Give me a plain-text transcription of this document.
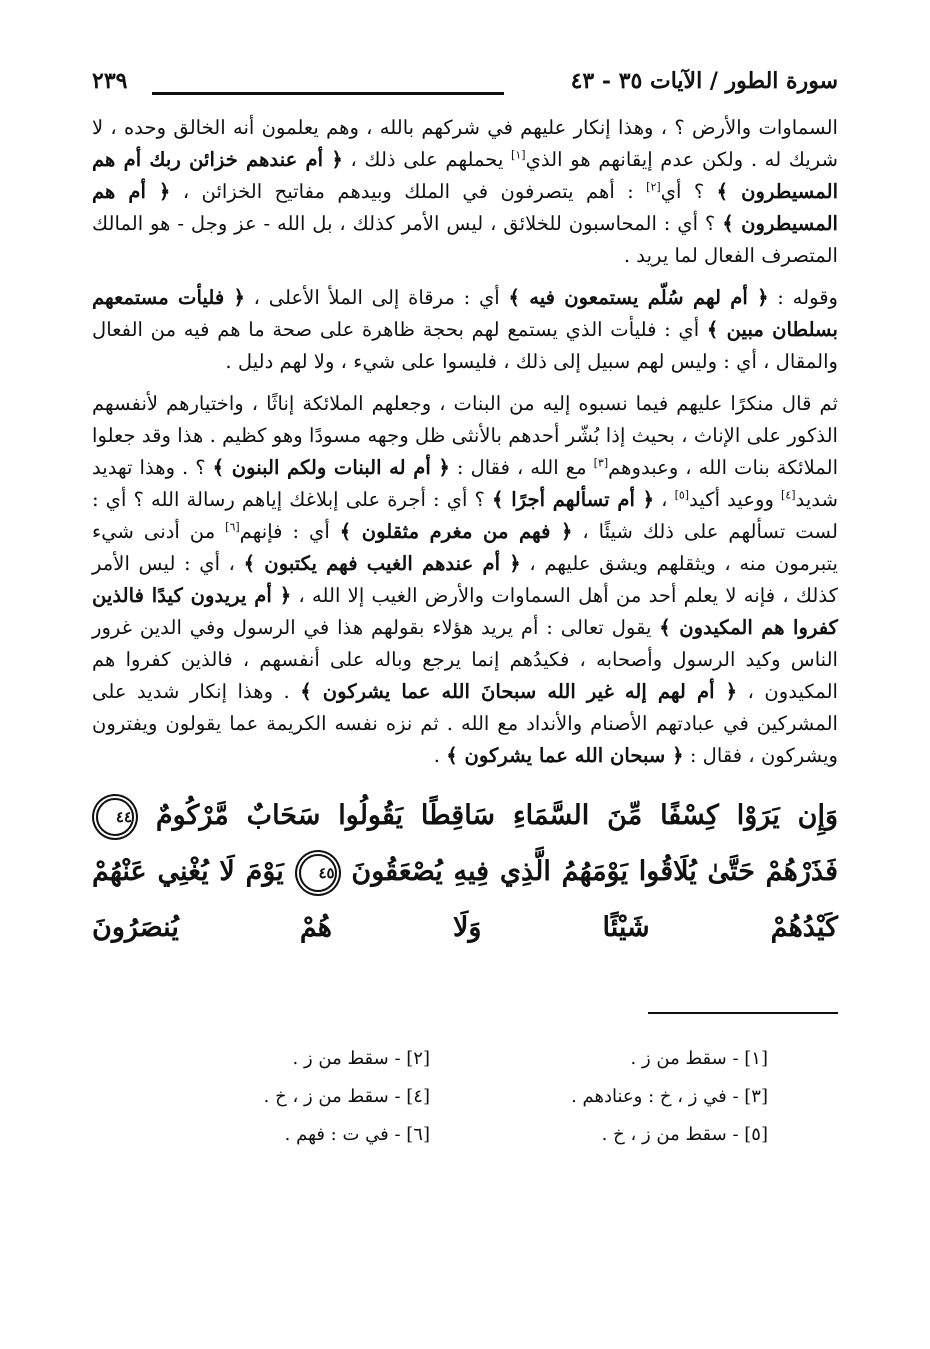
سورة الطور / الآيات ٣٥ - ٤٣
٢٣٩

السماوات والأرض ؟ ، وهذا إنكار عليهم في شركهم بالله ، وهم يعلمون أنه الخالق وحده ، لا شريك له . ولكن عدم إيقانهم هو الذي[١] يحملهم على ذلك ، ﴿ أم عندهم خزائن ربك أم هم المسيطرون ﴾ ؟ أي[٢] : أهم يتصرفون في الملك وبيدهم مفاتيح الخزائن ، ﴿ أم هم المسيطرون ﴾ ؟ أي : المحاسبون للخلائق ، ليس الأمر كذلك ، بل الله - عز وجل - هو المالك المتصرف الفعال لما يريد .

وقوله : ﴿ أم لهم سُلّم يستمعون فيه ﴾ أي : مرقاة إلى الملأ الأعلى ، ﴿ فليأت مستمعهم بسلطان مبين ﴾ أي : فليأت الذي يستمع لهم بحجة ظاهرة على صحة ما هم فيه من الفعال والمقال ، أي : وليس لهم سبيل إلى ذلك ، فليسوا على شيء ، ولا لهم دليل .

ثم قال منكرًا عليهم فيما نسبوه إليه من البنات ، وجعلهم الملائكة إناثًا ، واختيارهم لأنفسهم الذكور على الإناث ، بحيث إذا بُشّر أحدهم بالأنثى ظل وجهه مسودًا وهو كظيم . هذا وقد جعلوا الملائكة بنات الله ، وعبدوهم[٣] مع الله ، فقال : ﴿ أم له البنات ولكم البنون ﴾ ؟ . وهذا تهديد شديد[٤] ووعيد أكيد[٥] ، ﴿ أم تسألهم أجرًا ﴾ ؟ أي : أجرة على إبلاغك إياهم رسالة الله ؟ أي : لست تسألهم على ذلك شيئًا ، ﴿ فهم من مغرم مثقلون ﴾ أي : فإنهم[٦] من أدنى شيء يتبرمون منه ، ويثقلهم ويشق عليهم ، ﴿ أم عندهم الغيب فهم يكتبون ﴾ ، أي : ليس الأمر كذلك ، فإنه لا يعلم أحد من أهل السماوات والأرض الغيب إلا الله ، ﴿ أم يريدون كيدًا فالذين كفروا هم المكيدون ﴾ يقول تعالى : أم يريد هؤلاء بقولهم هذا في الرسول وفي الدين غرور الناس وكيد الرسول وأصحابه ، فكيدُهم إنما يرجع وباله على أنفسهم ، فالذين كفروا هم المكيدون ، ﴿ أم لهم إله غير الله سبحانَ الله عما يشركون ﴾ . وهذا إنكار شديد على المشركين في عبادتهم الأصنام والأنداد مع الله . ثم نزه نفسه الكريمة عما يقولون ويفترون ويشركون ، فقال : ﴿ سبحان الله عما يشركون ﴾ .

وَإِن يَرَوْا كِسْفًا مِّنَ السَّمَاءِ سَاقِطًا يَقُولُوا سَحَابٌ مَّرْكُومٌ ٤٤ فَذَرْهُمْ حَتَّىٰ يُلَاقُوا يَوْمَهُمُ الَّذِي فِيهِ يُصْعَقُونَ ٤٥ يَوْمَ لَا يُغْنِي عَنْهُمْ كَيْدُهُمْ شَيْئًا وَلَا هُمْ يُنصَرُونَ
[١] - سقط من ز .
[٢] - سقط من ز .
[٣] - في ز ، خ : وعنادهم .
[٤] - سقط من ز ، خ .
[٥] - سقط من ز ، خ .
[٦] - في ت : فهم .
